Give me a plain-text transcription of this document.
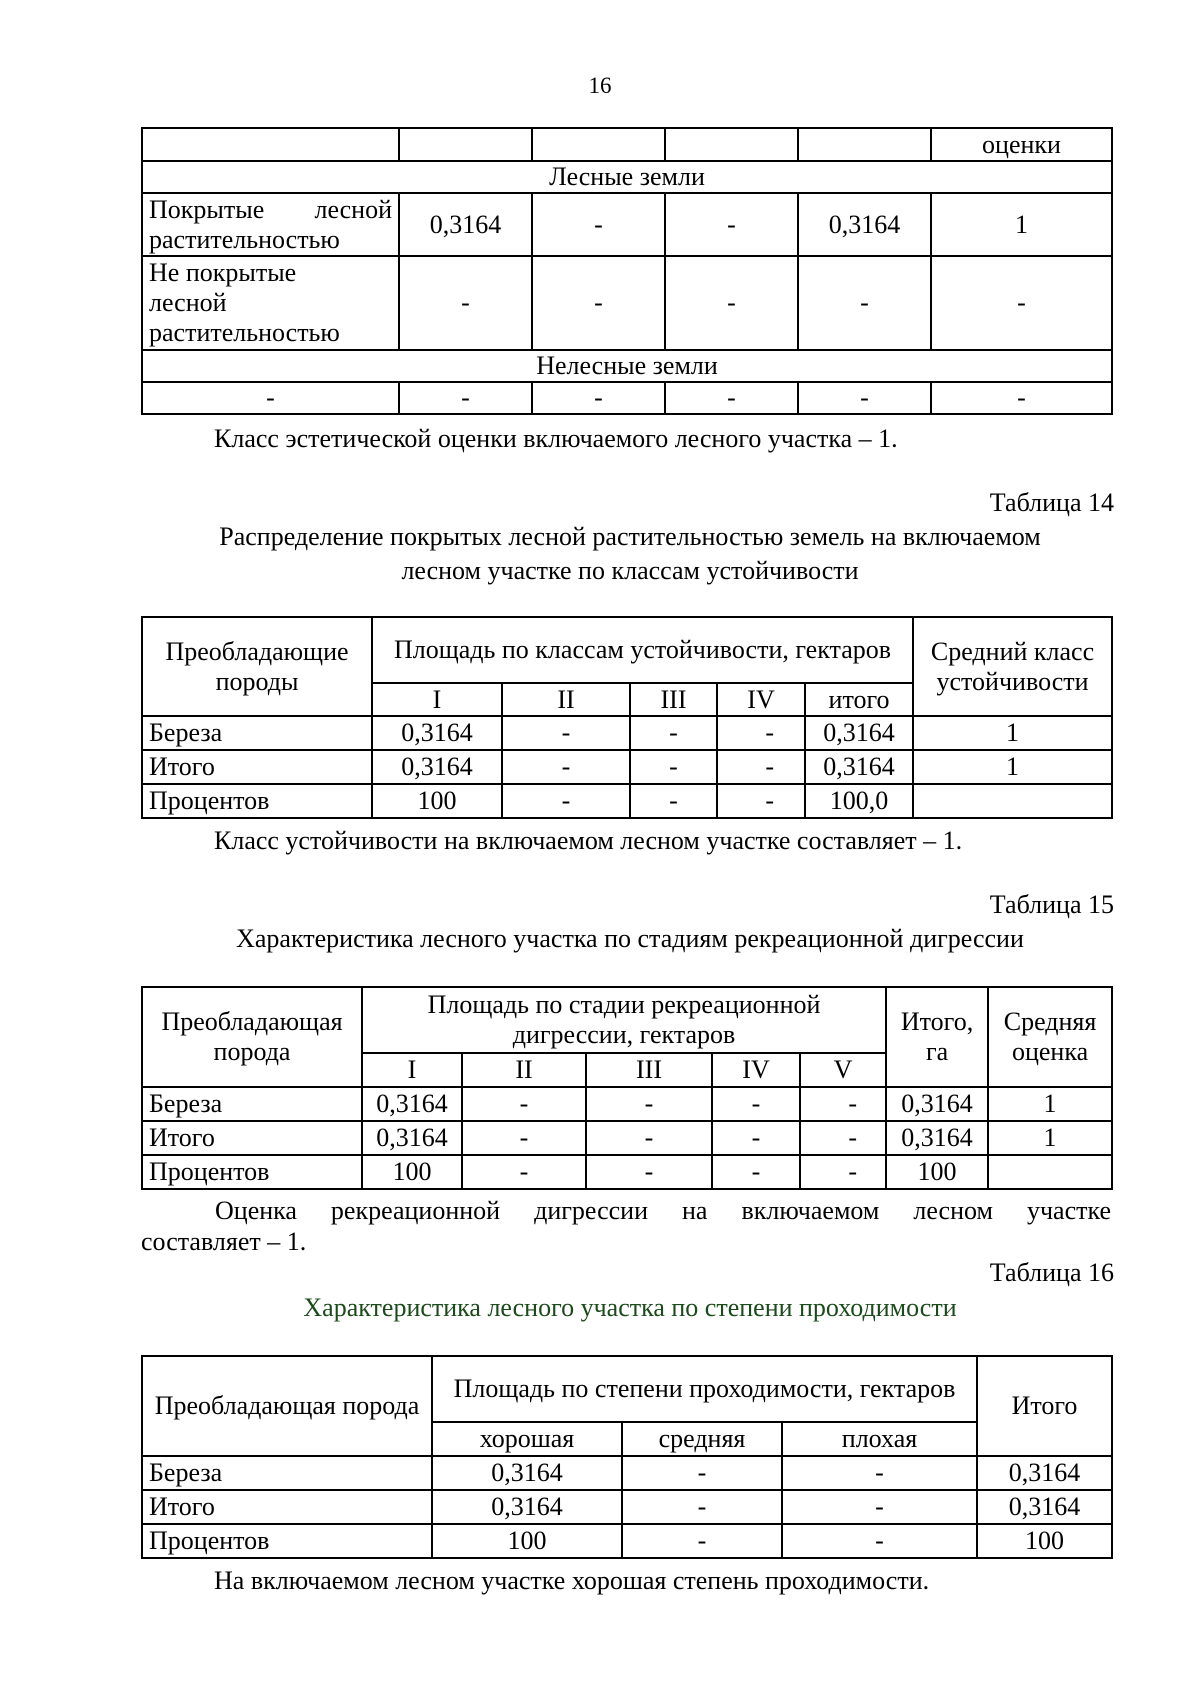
16
					оценки
Лесные земли					
Покрытые лесной растительностью	0,3164	-	-	0,3164	1

Не покрытые
лесной
растительностью	-	-	-	-	-
Нелесные земли					
-	-	-	-	-	-
Класс эстетической оценки включаемого лесного участка – 1.
Таблица 14
Распределение покрытых лесной растительностью земель на включаемом
лесном участке по классам устойчивости
Преобладающие породы	Площадь по классам устойчивости, гектаров					Средний класс устойчивости
	I	II	III	IV	итого	
Береза	0,3164	-	-	-	0,3164	1
Итого	0,3164	-	-	-	0,3164	1
Процентов	100	-	-	-	100,0	
Класс устойчивости на включаемом лесном участке составляет – 1.
Таблица 15
Характеристика лесного участка по стадиям рекреационной дигрессии
Преобладающая порода	Площадь по стадии рекреационной дигрессии, гектаров					Итого, га	Средняя оценка
	I	II	III	IV	V		
Береза	0,3164	-	-	-	-	0,3164	1
Итого	0,3164	-	-	-	-	0,3164	1
Процентов	100	-	-	-	-	100	
Оценка рекреационной дигрессии на включаемом лесном участке
составляет – 1.
Таблица 16
Характеристика лесного участка по степени проходимости
Преобладающая порода	Площадь по степени проходимости, гектаров			Итого
	хорошая	средняя	плохая	
Береза	0,3164	-	-	0,3164
Итого	0,3164	-	-	0,3164
Процентов	100	-	-	100
На включаемом лесном участке хорошая степень проходимости.
